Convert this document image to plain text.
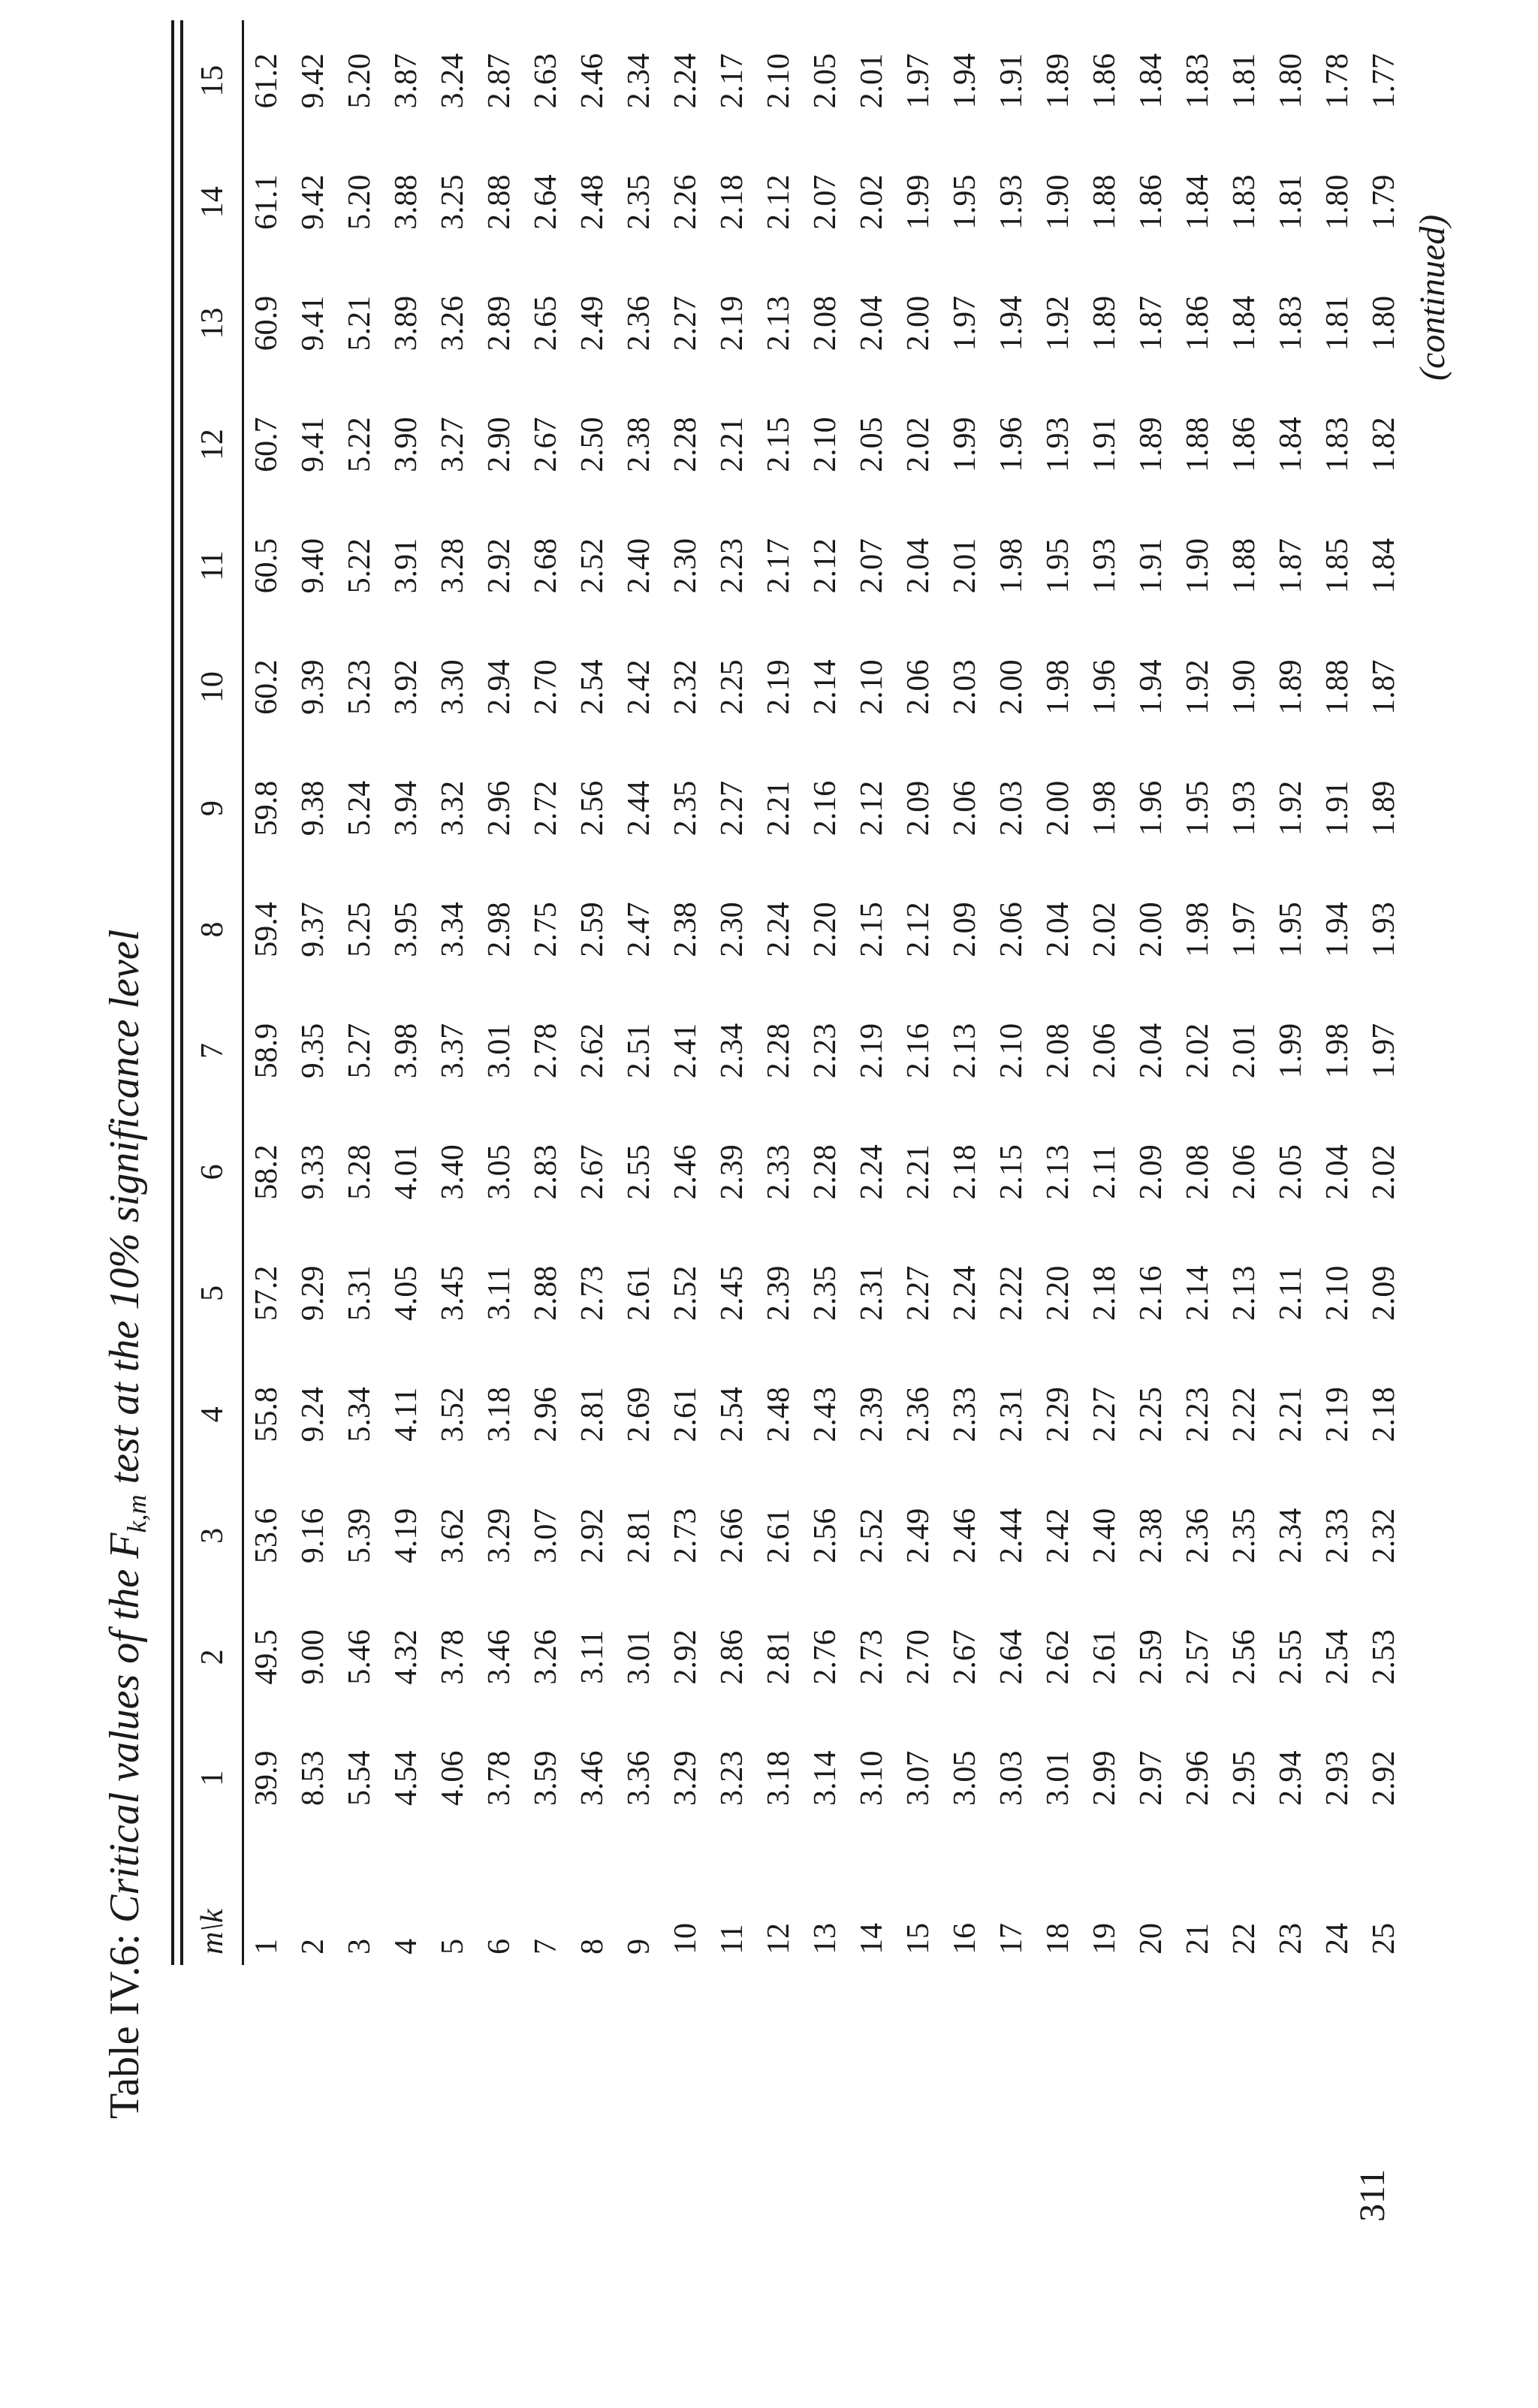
Table IV.6: Critical values of the $F_{k,m}$ test at the 10% significance level
m\k
1
2
3
4
5
6
7
8
9
10
11
12
13
14
15
1
39.9
49.5
53.6
55.8
57.2
58.2
58.9
59.4
59.8
60.2
60.5
60.7
60.9
61.1
61.2
2
8.53
9.00
9.16
9.24
9.29
9.33
9.35
9.37
9.38
9.39
9.40
9.41
9.41
9.42
9.42
3
5.54
5.46
5.39
5.34
5.31
5.28
5.27
5.25
5.24
5.23
5.22
5.22
5.21
5.20
5.20
4
4.54
4.32
4.19
4.11
4.05
4.01
3.98
3.95
3.94
3.92
3.91
3.90
3.89
3.88
3.87
5
4.06
3.78
3.62
3.52
3.45
3.40
3.37
3.34
3.32
3.30
3.28
3.27
3.26
3.25
3.24
6
3.78
3.46
3.29
3.18
3.11
3.05
3.01
2.98
2.96
2.94
2.92
2.90
2.89
2.88
2.87
7
3.59
3.26
3.07
2.96
2.88
2.83
2.78
2.75
2.72
2.70
2.68
2.67
2.65
2.64
2.63
8
3.46
3.11
2.92
2.81
2.73
2.67
2.62
2.59
2.56
2.54
2.52
2.50
2.49
2.48
2.46
9
3.36
3.01
2.81
2.69
2.61
2.55
2.51
2.47
2.44
2.42
2.40
2.38
2.36
2.35
2.34
10
3.29
2.92
2.73
2.61
2.52
2.46
2.41
2.38
2.35
2.32
2.30
2.28
2.27
2.26
2.24
11
3.23
2.86
2.66
2.54
2.45
2.39
2.34
2.30
2.27
2.25
2.23
2.21
2.19
2.18
2.17
12
3.18
2.81
2.61
2.48
2.39
2.33
2.28
2.24
2.21
2.19
2.17
2.15
2.13
2.12
2.10
13
3.14
2.76
2.56
2.43
2.35
2.28
2.23
2.20
2.16
2.14
2.12
2.10
2.08
2.07
2.05
14
3.10
2.73
2.52
2.39
2.31
2.24
2.19
2.15
2.12
2.10
2.07
2.05
2.04
2.02
2.01
15
3.07
2.70
2.49
2.36
2.27
2.21
2.16
2.12
2.09
2.06
2.04
2.02
2.00
1.99
1.97
16
3.05
2.67
2.46
2.33
2.24
2.18
2.13
2.09
2.06
2.03
2.01
1.99
1.97
1.95
1.94
17
3.03
2.64
2.44
2.31
2.22
2.15
2.10
2.06
2.03
2.00
1.98
1.96
1.94
1.93
1.91
18
3.01
2.62
2.42
2.29
2.20
2.13
2.08
2.04
2.00
1.98
1.95
1.93
1.92
1.90
1.89
19
2.99
2.61
2.40
2.27
2.18
2.11
2.06
2.02
1.98
1.96
1.93
1.91
1.89
1.88
1.86
20
2.97
2.59
2.38
2.25
2.16
2.09
2.04
2.00
1.96
1.94
1.91
1.89
1.87
1.86
1.84
21
2.96
2.57
2.36
2.23
2.14
2.08
2.02
1.98
1.95
1.92
1.90
1.88
1.86
1.84
1.83
22
2.95
2.56
2.35
2.22
2.13
2.06
2.01
1.97
1.93
1.90
1.88
1.86
1.84
1.83
1.81
23
2.94
2.55
2.34
2.21
2.11
2.05
1.99
1.95
1.92
1.89
1.87
1.84
1.83
1.81
1.80
24
2.93
2.54
2.33
2.19
2.10
2.04
1.98
1.94
1.91
1.88
1.85
1.83
1.81
1.80
1.78
25
2.92
2.53
2.32
2.18
2.09
2.02
1.97
1.93
1.89
1.87
1.84
1.82
1.80
1.79
1.77
(continued)
311
